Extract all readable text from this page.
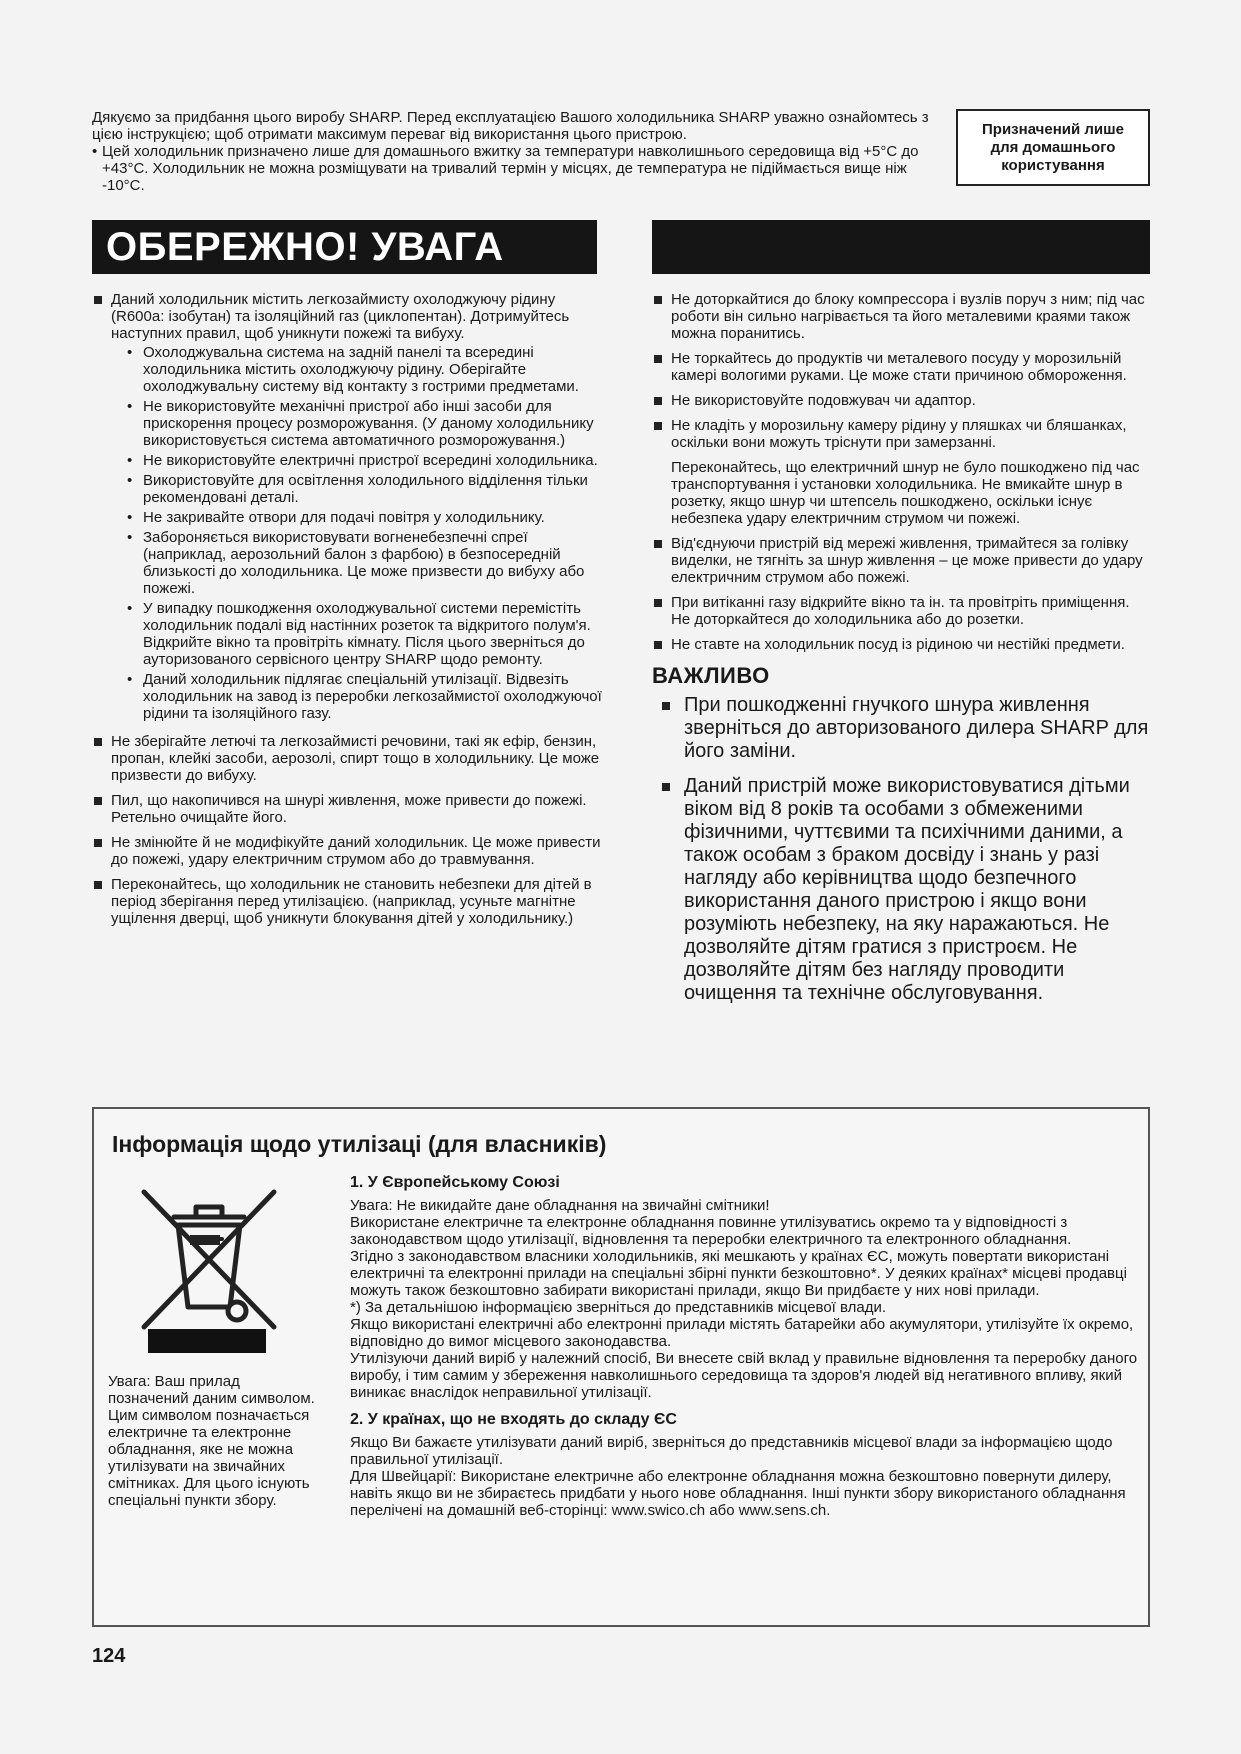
Дякуємо за придбання цього виробу SHARP. Перед експлуатацією Вашого холодильника SHARP уважно ознайомтесь з цією інструкцією; щоб отримати максимум переваг від використання цього пристрою.

• Цей холодильник призначено лише для домашнього вжитку за температури навколишнього середовища від +5°C до +43°C. Холодильник не можна розміщувати на тривалий термін у місцях, де температура не підіймається вище ніж -10°C.
Призначений лише для домашнього користування
ОБЕРЕЖНО! УВАГА
Даний холодильник містить легкозаймисту охолоджуючу рідину (R600a: ізобутан) та ізоляційний газ (циклопентан). Дотримуйтесь наступних правил, щоб уникнути пожежі та вибуху.
• Охолоджувальна система на задній панелі та всередині холодильника містить охолоджуючу рідину. Оберігайте охолоджувальну систему від контакту з гострими предметами.
• Не використовуйте механічні пристрої або інші засоби для прискорення процесу розморожування. (У даному холодильнику використовується система автоматичного розморожування.)
• Не використовуйте електричні пристрої всередині холодильника.
• Використовуйте для освітлення холодильного відділення тільки рекомендовані деталі.
• Не закривайте отвори для подачі повітря у холодильнику.
• Забороняється використовувати вогненебезпечні спреї (наприклад, аерозольний балон з фарбою) в безпосередній близькості до холодильника. Це може призвести до вибуху або пожежі.
• У випадку пошкодження охолоджувальної системи перемістіть холодильник подалі від настінних розеток та відкритого полум'я. Відкрийте вікно та провітріть кімнату. Після цього зверніться до ауторизованого сервісного центру SHARP щодо ремонту.
• Даний холодильник підлягає спеціальній утилізації. Відвезіть холодильник на завод із переробки легкозаймистої охолоджуючої рідини та ізоляційного газу.
Не зберігайте летючі та легкозаймисті речовини, такі як ефір, бензин, пропан, клейкі засоби, аерозолі, спирт тощо в холодильнику. Це може призвести до вибуху.
Пил, що накопичився на шнурі живлення, може привести до пожежі. Ретельно очищайте його.
Не змінюйте й не модифікуйте даний холодильник. Це може привести до пожежі, удару електричним струмом або до травмування.
Переконайтесь, що холодильник не становить небезпеки для дітей в період зберігання перед утилізацією. (наприклад, усуньте магнітне ущілення дверці, щоб уникнути блокування дітей у холодильнику.)
Не доторкайтися до блоку компрессора і вузлів поруч з ним; під час роботи він сильно нагрівається та його металевими краями також можна поранитись.
Не торкайтесь до продуктів чи металевого посуду у морозильній камері вологими руками. Це може стати причиною обмороження.
Не використовуйте подовжувач чи адаптор.
Не кладіть у морозильну камеру рідину у пляшках чи бляшанках, оскільки вони можуть тріснути при замерзанні.
Переконайтесь, що електричний шнур не було пошкоджено під час транспортування і установки холодильника. Не вмикайте шнур в розетку, якщо шнур чи штепсель пошкоджено, оскільки існує небезпека удару електричним струмом чи пожежі.
Від'єднуючи пристрій від мережі живлення, тримайтеся за голівку виделки, не тягніть за шнур живлення – це може привести до удару електричним струмом або пожежі.
При витіканні газу відкрийте вікно та ін. та провітріть приміщення. Не доторкайтеся до холодильника або до розетки.
Не ставте на холодильник посуд із рідиною чи нестійкі предмети.
ВАЖЛИВО
При пошкодженні гнучкого шнура живлення зверніться до авторизованого дилера SHARP для його заміни.
Даний пристрій може використовуватися дітьми віком від 8 років та особами з обмеженими фізичними, чуттєвими та психічними даними, а також особам з браком досвіду і знань у разі нагляду або керівництва щодо безпечного використання даного пристрою і якщо вони розуміють небезпеку, на яку наражаються. Не дозволяйте дітям гратися з пристроєм. Не дозволяйте дітям без нагляду проводити очищення та технічне обслуговування.
Інформація щодо утилізаці (для власників)
Увага: Ваш прилад позначений даним символом. Цим символом позначається електричне та електронне обладнання, яке не можна утилізувати на звичайних смітниках. Для цього існують спеціальні пункти збору.
1. У Європейському Союзі

Увага: Не викидайте дане обладнання на звичайні смітники!

Використане електричне та електронне обладнання повинне утилізуватись окремо та у відповідності з законодавством щодо утилізації, відновлення та переробки електричного та електронного обладнання.

Згідно з законодавством власники холодильників, які мешкають у країнах ЄС, можуть повертати використані електричні та електронні прилади на спеціальні збірні пункти безкоштовно*. У деяких країнах* місцеві продавці можуть також безкоштовно забирати використані прилади, якщо Ви придбаєте у них нові прилади.

*) За детальнішою інформацією зверніться до представників місцевої влади.

Якщо використані електричні або електронні прилади містять батарейки або акумулятори, утилізуйте їх окремо, відповідно до вимог місцевого законодавства.

Утилізуючи даний виріб у належний спосіб, Ви внесете свій вклад у правильне відновлення та переробку даного виробу, і тим самим у збереження навколишнього середовища та здоров'я людей від негативного впливу, який виникає внаслідок неправильної утилізації.

2. У країнах, що не входять до складу ЄС

Якщо Ви бажаєте утилізувати даний виріб, зверніться до представників місцевої влади за інформацією щодо правильної утилізації.

Для Швейцарії: Використане електричне або електронне обладнання можна безкоштовно повернути дилеру, навіть якщо ви не збираєтесь придбати у нього нове обладнання. Інші пункти збору використаного обладнання перелічені на домашній веб-сторінці: www.swico.ch або www.sens.ch.

124
